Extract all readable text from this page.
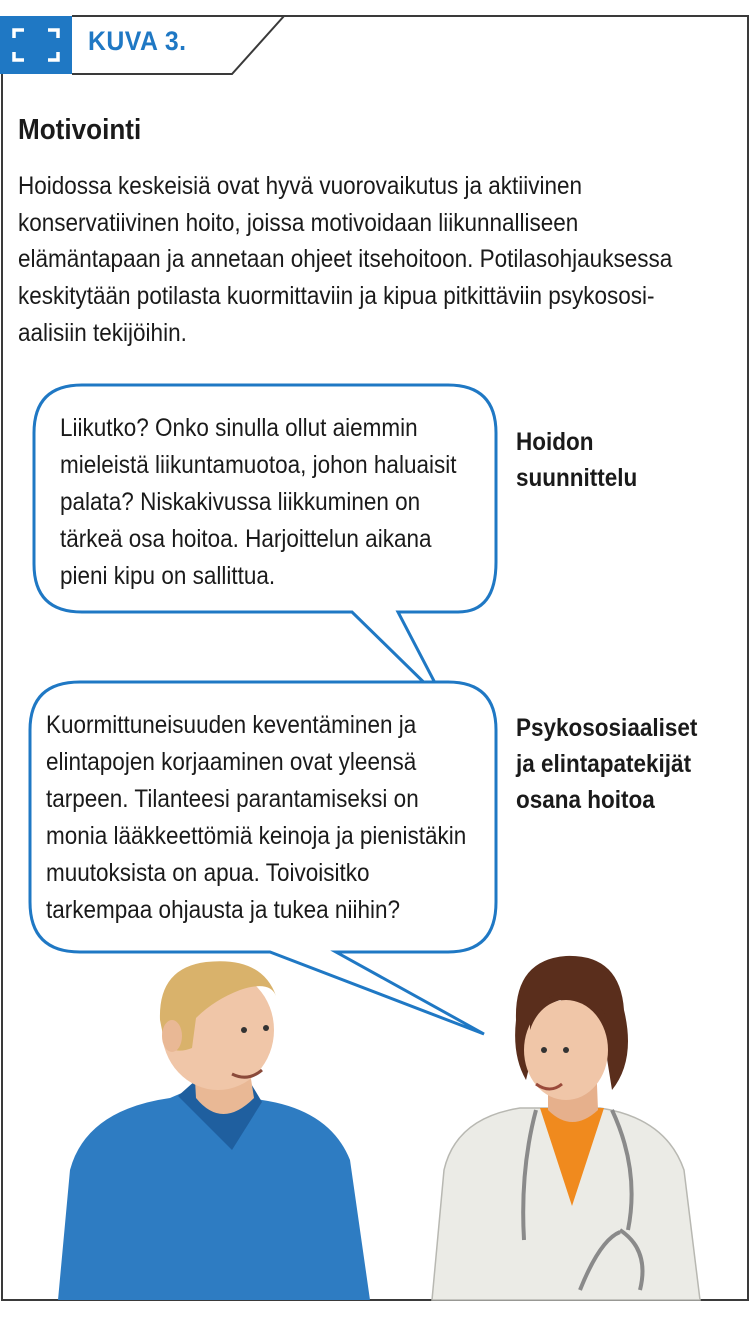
KUVA 3.
Motivointi

Hoidossa keskeisiä ovat hyvä vuorovaikutus ja aktiivinen
konservatiivinen hoito, joissa motivoidaan liikunnalliseen
elämäntapaan ja annetaan ohjeet itsehoitoon. Potilasohjauksessa
keskitytään potilasta kuormittaviin ja kipua pitkittäviin psykososi-
aalisiin tekijöihin.

Liikutko? Onko sinulla ollut aiemmin
mieleistä liikuntamuotoa, johon haluaisit
palata? Niskakivussa liikkuminen on
tärkeä osa hoitoa. Harjoittelun aikana
pieni kipu on sallittua.

Hoidon
suunnittelu

Kuormittuneisuuden keventäminen ja
elintapojen korjaaminen ovat yleensä
tarpeen. Tilanteesi parantamiseksi on
monia lääkkeettömiä keinoja ja pienistäkin
muutoksista on apua. Toivoisitko
tarkempaa ohjausta ja tukea niihin?

Psykososiaaliset
ja elintapatekijät
osana hoitoa
